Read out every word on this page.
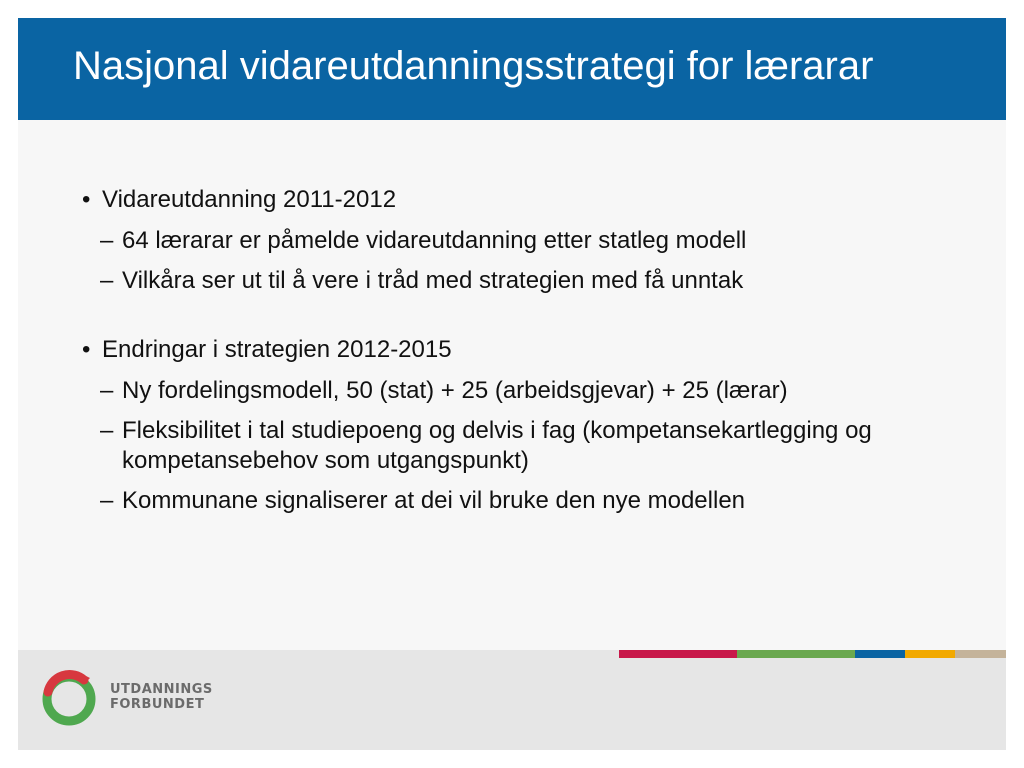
Nasjonal vidareutdanningsstrategi for lærarar
• Vidareutdanning 2011-2012
– 64 lærarar er påmelde vidareutdanning etter statleg modell
– Vilkåra ser ut til å vere i tråd med strategien med få unntak
• Endringar i strategien 2012-2015
– Ny fordelingsmodell, 50 (stat) + 25 (arbeidsgjevar) + 25 (lærar)
– Fleksibilitet i tal studiepoeng og delvis i fag (kompetansekartlegging og kompetansebehov som utgangspunkt)
– Kommunane signaliserer at dei vil bruke den nye modellen
UTDANNINGS
FORBUNDET
